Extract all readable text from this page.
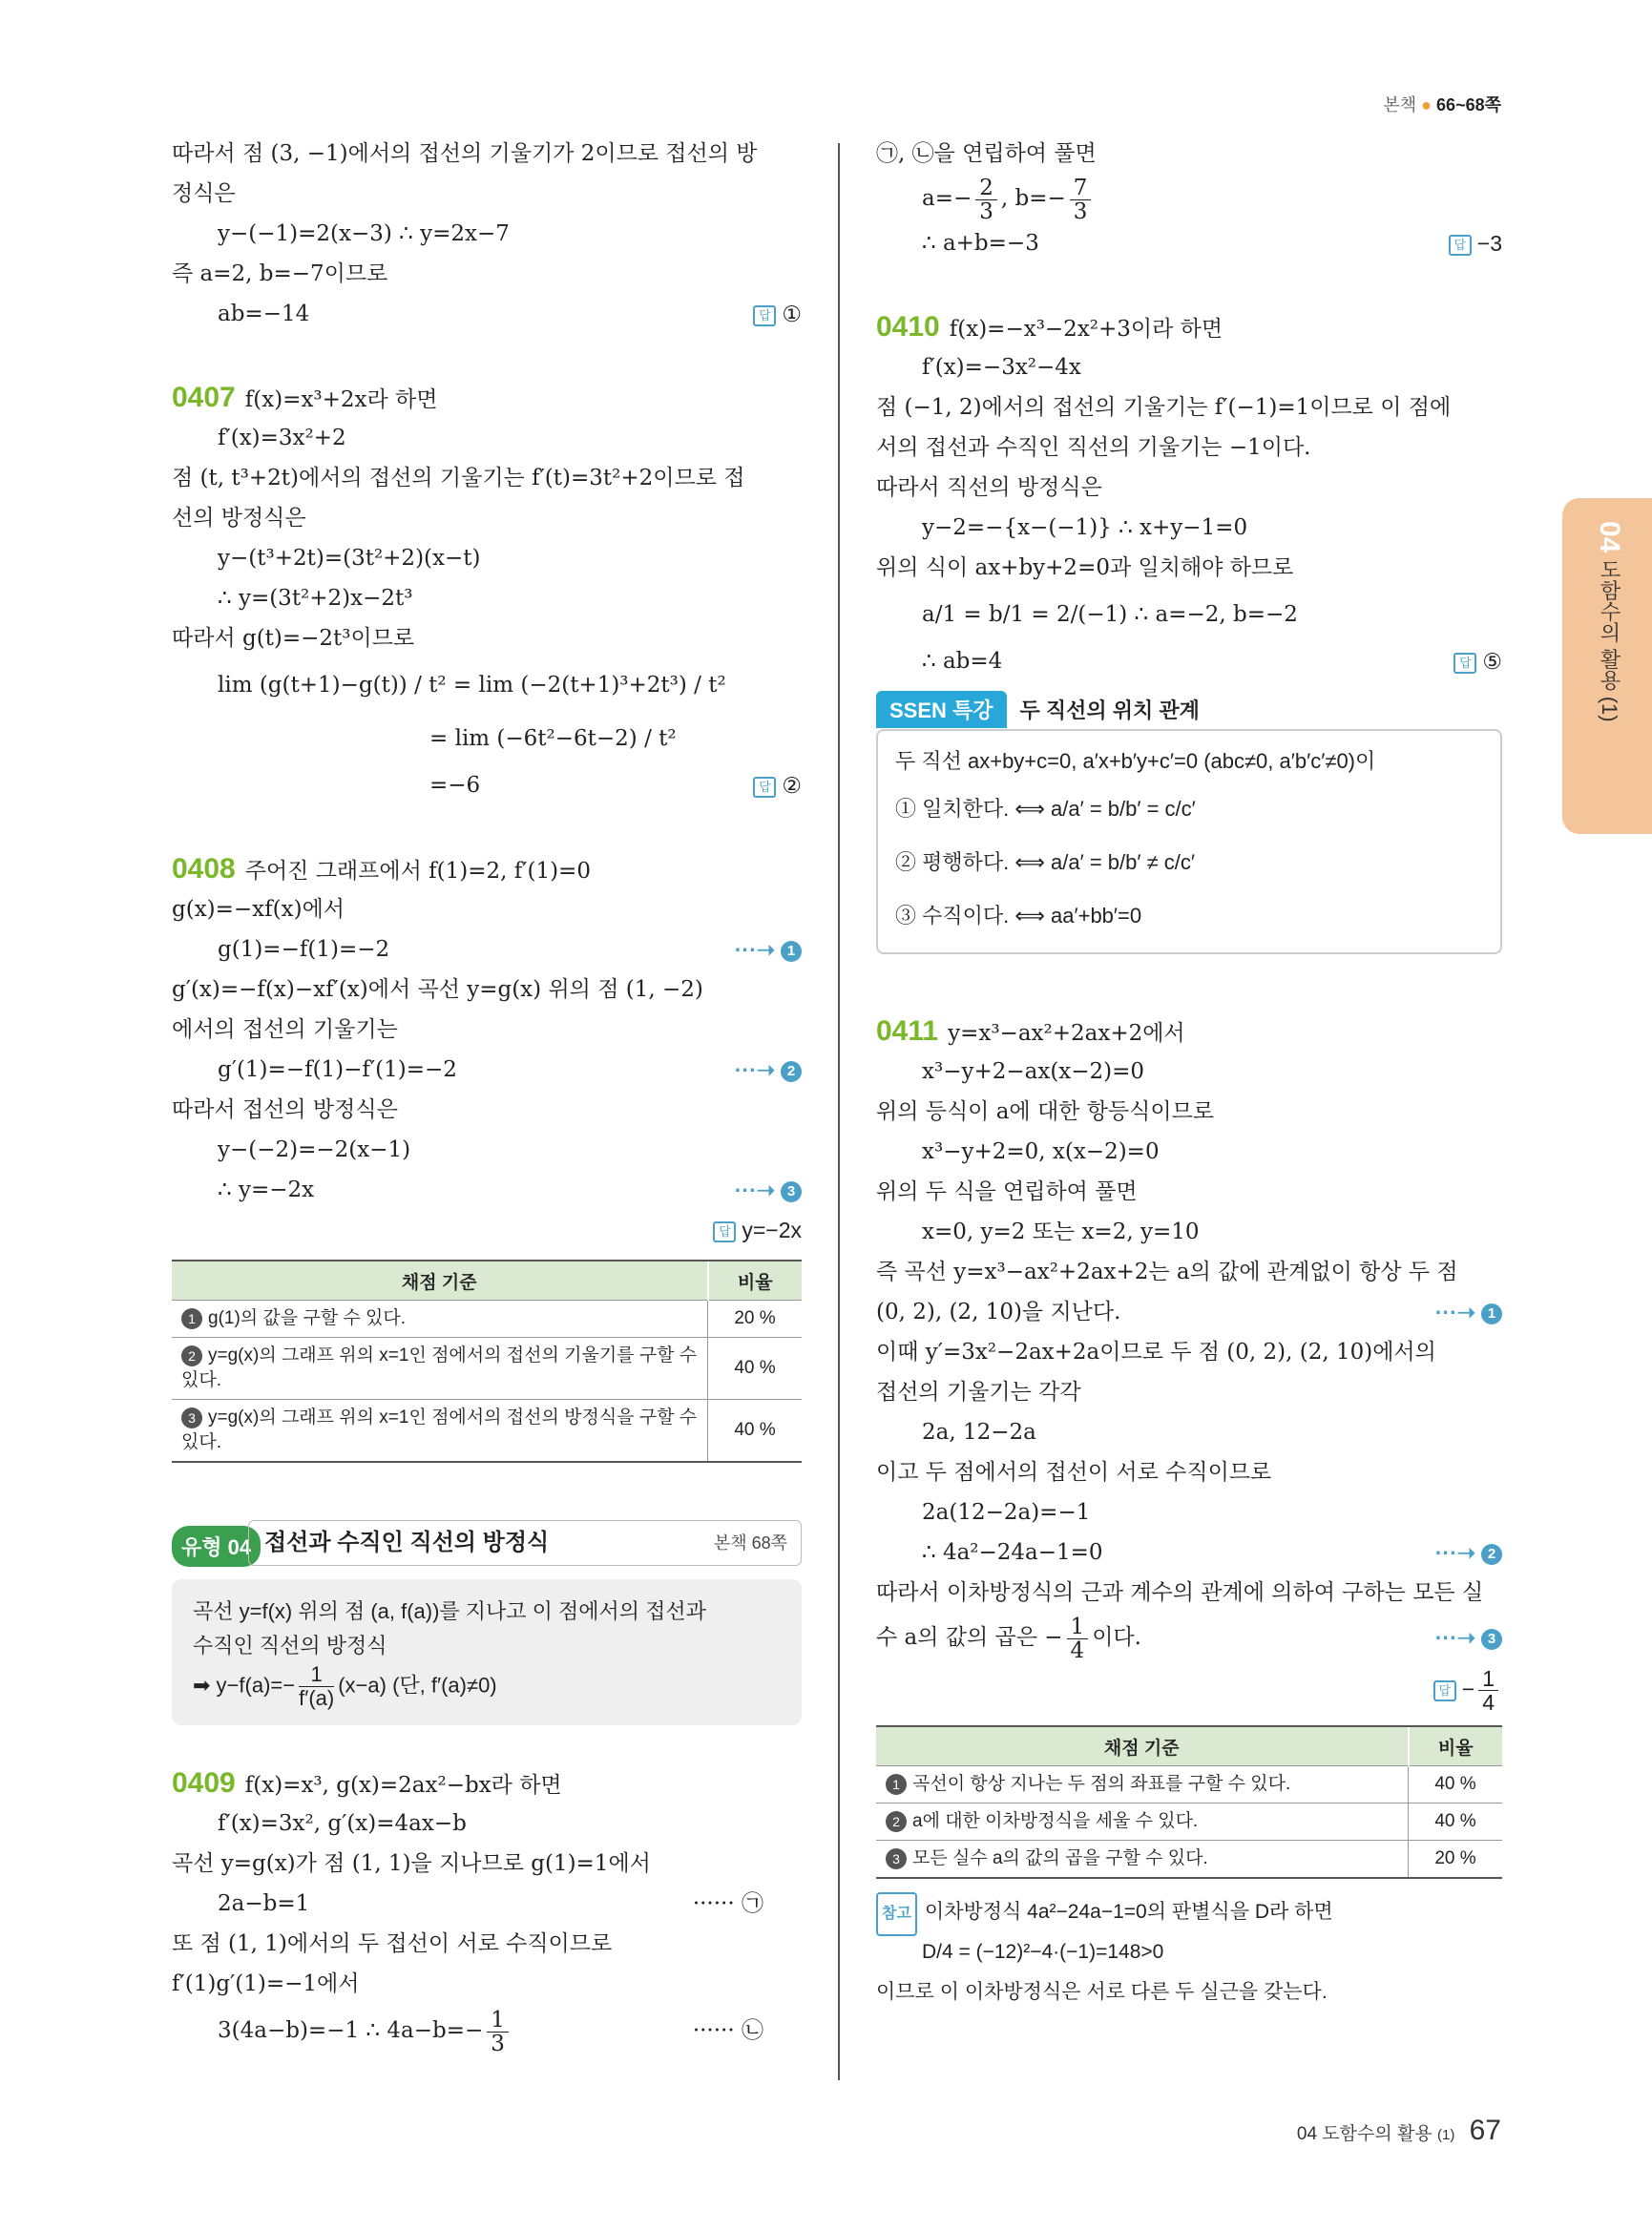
본책 ● 66~68쪽
따라서 점 (3, −1)에서의 접선의 기울기가 2이므로 접선의 방
정식은
y−(−1)=2(x−3) ∴ y=2x−7
즉 a=2, b=−7이므로
ab=−14	답 ①
0407 f(x)=x³+2x라 하면
f′(x)=3x²+2
점 (t, t³+2t)에서의 접선의 기울기는 f′(t)=3t²+2이므로 접
선의 방정식은
y−(t³+2t)=(3t²+2)(x−t)
∴ y=(3t²+2)x−2t³
따라서 g(t)=−2t³이므로
lim (g(t+1)−g(t)) / t² = lim (−2(t+1)³+2t³) / t²
= lim (−6t²−6t−2) / t²
=−6	답 ②
0408 주어진 그래프에서 f(1)=2, f′(1)=0
g(x)=−xf(x)에서
g(1)=−f(1)=−2	···➝ 1
g′(x)=−f(x)−xf′(x)에서 곡선 y=g(x) 위의 점 (1, −2)
에서의 접선의 기울기는
g′(1)=−f(1)−f′(1)=−2	···➝ 2
따라서 접선의 방정식은
y−(−2)=−2(x−1)
∴ y=−2x	···➝ 3
답 y=−2x
채점 기준	비율
1 g(1)의 값을 구할 수 있다.	20 %
2 y=g(x)의 그래프 위의 x=1인 점에서의 접선의 기울기를 구할 수 있다.	40 %
3 y=g(x)의 그래프 위의 x=1인 점에서의 접선의 방정식을 구할 수 있다.	40 %
유형 04 접선과 수직인 직선의 방정식	본책 68쪽
곡선 y=f(x) 위의 점 (a, f(a))를 지나고 이 점에서의 접선과
수직인 직선의 방정식
➡ $y-f(a)=- \frac{1}{f'(a)} (x-a)$ (단, f′(a)≠0)
0409 f(x)=x³, g(x)=2ax²−bx라 하면
f′(x)=3x², g′(x)=4ax−b
곡선 y=g(x)가 점 (1, 1)을 지나므로 g(1)=1에서
2a−b=1	······ ㉠
또 점 (1, 1)에서의 두 접선이 서로 수직이므로
f′(1)g′(1)=−1에서
3(4a−b)=−1 ∴ $4a-b=- \frac{1}{3}$	······ ㉡
㉠, ㉡을 연립하여 풀면
$a=- \frac{2}{3}$ , $b=- \frac{7}{3}$
∴ a+b=−3	답 −3
0410 f(x)=−x³−2x²+3이라 하면
f′(x)=−3x²−4x
점 (−1, 2)에서의 접선의 기울기는 f′(−1)=1이므로 이 점에
서의 접선과 수직인 직선의 기울기는 −1이다.
따라서 직선의 방정식은
y−2=−{x−(−1)} ∴ x+y−1=0
위의 식이 ax+by+2=0과 일치해야 하므로
a/1 = b/1 = 2/(−1) ∴ a=−2, b=−2
∴ ab=4	답 ⑤
SSEN 특강 두 직선의 위치 관계
두 직선 ax+by+c=0, a′x+b′y+c′=0 (abc≠0, a′b′c′≠0)이
① 일치한다. ⟺ a/a′ = b/b′ = c/c′
② 평행하다. ⟺ a/a′ = b/b′ ≠ c/c′
③ 수직이다. ⟺ aa′+bb′=0
0411 y=x³−ax²+2ax+2에서
x³−y+2−ax(x−2)=0
위의 등식이 a에 대한 항등식이므로
x³−y+2=0, x(x−2)=0
위의 두 식을 연립하여 풀면
x=0, y=2 또는 x=2, y=10
즉 곡선 y=x³−ax²+2ax+2는 a의 값에 관계없이 항상 두 점
(0, 2), (2, 10)을 지난다.	···➝ 1
이때 y′=3x²−2ax+2a이므로 두 점 (0, 2), (2, 10)에서의
접선의 기울기는 각각
2a, 12−2a
이고 두 점에서의 접선이 서로 수직이므로
2a(12−2a)=−1
∴ 4a²−24a−1=0	···➝ 2
따라서 이차방정식의 근과 계수의 관계에 의하여 구하는 모든 실
수 a의 값의 곱은 − $\frac{1}{4}$ 이다.	···➝ 3
답 − $\frac{1}{4}$
채점 기준	비율
1 곡선이 항상 지나는 두 점의 좌표를 구할 수 있다.	40 %
2 a에 대한 이차방정식을 세울 수 있다.	40 %
3 모든 실수 a의 값의 곱을 구할 수 있다.	20 %
참고 이차방정식 4a²−24a−1=0의 판별식을 D라 하면
D/4 = (−12)²−4·(−1)=148>0
이므로 이 이차방정식은 서로 다른 두 실근을 갖는다.
04 도함수의 활용 (1)
04 도함수의 활용 (1) 67
